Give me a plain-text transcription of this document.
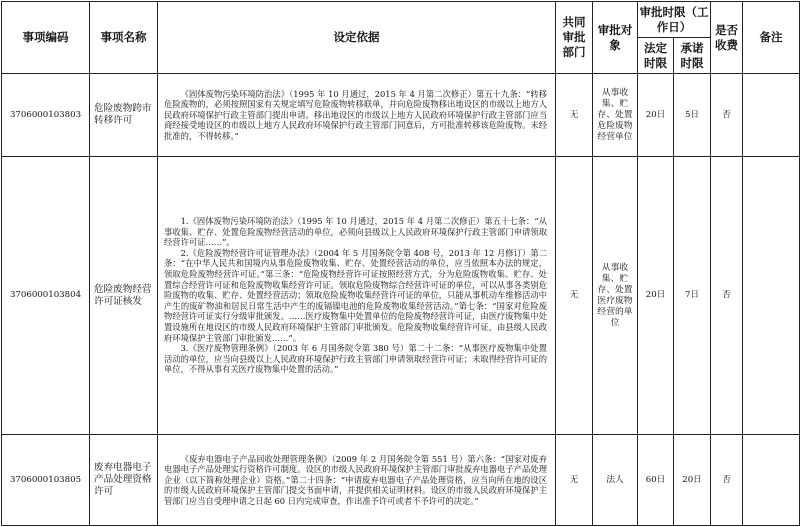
事项编码	事项名称	设定依据	共同审批部门	审批对象	审批时限（工作日）		是否收费	备注
					法定时限	承诺时限		
3706000103803	危险废物跨市转移许可	《固体废物污染环境防治法》（1995 年 10 月通过，2015 年 4 月第二次修正）第五十九条：“转移危险废物的，必须按照国家有关规定填写危险废物转移联单，并向危险废物移出地设区的市级以上地方人民政府环境保护行政主管部门提出申请。移出地设区的市级以上地方人民政府环境保护行政主管部门应当商经接受地设区的市级以上地方人民政府环境保护行政主管部门同意后，方可批准转移该危险废物。未经批准的，不得转移。”	无	从事收集、贮存、处置危险废物经营单位	20日	5日	否	
3706000103804	危险废物经营许可证核发	1.《固体废物污染环境防治法》（1995 年 10 月通过，2015 年 4 月第二次修正）第五十七条：“从事收集、贮存、处置危险废物经营活动的单位，必须向县级以上人民政府环境保护行政主管部门申请领取经营许可证……”。

2.《危险废物经营许可证管理办法》（2004 年 5 月国务院令第 408 号，2013 年 12 月修订）第二条：“在中华人民共和国境内从事危险废物收集、贮存、处置经营活动的单位，应当依照本办法的规定，领取危险废物经营许可证。”第三条：“危险废物经营许可证按照经营方式，分为危险废物收集、贮存、处置综合经营许可证和危险废物收集经营许可证。领取危险废物综合经营许可证的单位，可以从事各类别危险废物的收集、贮存、处置经营活动；领取危险废物收集经营许可证的单位，只能从事机动车维修活动中产生的废矿物油和居民日常生活中产生的废镉镍电池的危险废物收集经营活动。”第七条：“国家对危险废物经营许可证实行分级审批颁发。……医疗废物集中处置单位的危险废物经营许可证，由医疗废物集中处置设施所在地设区的市级人民政府环境保护主管部门审批颁发。危险废物收集经营许可证，由县级人民政府环境保护主管部门审批颁发……”。

3.《医疗废物管理条例》（2003 年 6 月国务院令第 380 号）第二十二条：“从事医疗废物集中处置活动的单位，应当向县级以上人民政府环境保护行政主管部门申请领取经营许可证；未取得经营许可证的单位，不得从事有关医疗废物集中处置的活动。”	无	从事收集、贮存、处置医疗废物经营的单位	20日	7日	否	
3706000103805	废弃电器电子产品处理资格许可	《废弃电器电子产品回收处理管理条例》（2009 年 2 月国务院令第 551 号）第六条：“国家对废弃电器电子产品处理实行资格许可制度。设区的市级人民政府环境保护主管部门审批废弃电器电子产品处理企业（以下简称处理企业）资格。”第二十四条：“申请废弃电器电子产品处理资格，应当向所在地的设区的市级人民政府环境保护主管部门提交书面申请，并提供相关证明材料。设区的市级人民政府环境保护主管部门应当自受理申请之日起 60 日内完成审查，作出准予许可或者不予许可的决定。”	无	法人	60日	20日	否	
